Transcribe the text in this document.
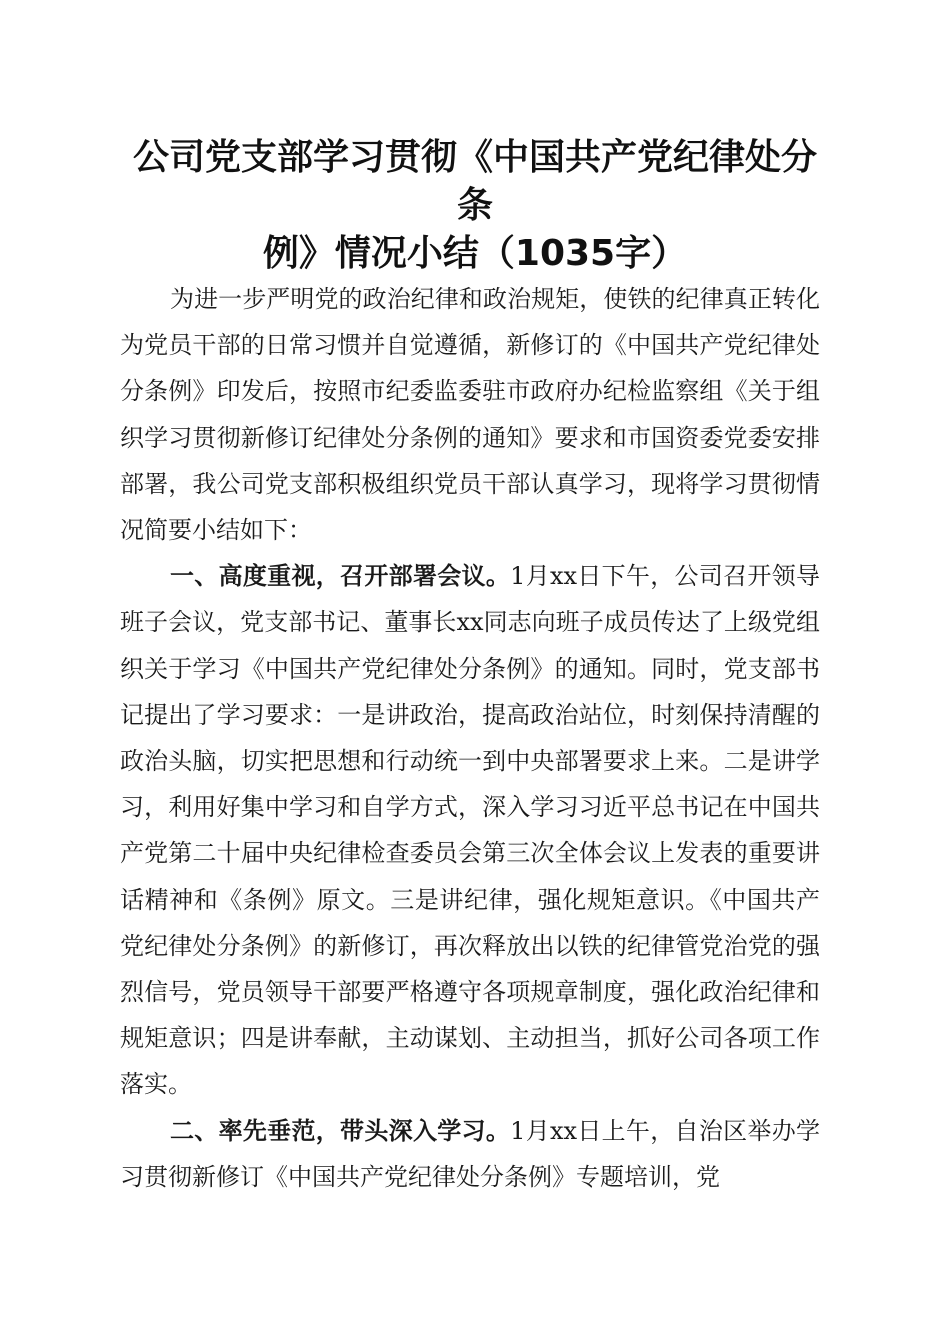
公司党支部学习贯彻《中国共产党纪律处分条
例》情况小结（1035字）

为进一步严明党的政治纪律和政治规矩，使铁的纪律真正转化为党员干部的日常习惯并自觉遵循，新修订的《中国共产党纪律处分条例》印发后，按照市纪委监委驻市政府办纪检监察组《关于组织学习贯彻新修订纪律处分条例的通知》要求和市国资委党委安排部署，我公司党支部积极组织党员干部认真学习，现将学习贯彻情况简要小结如下：

一、高度重视，召开部署会议。1月xx日下午，公司召开领导班子会议，党支部书记、董事长xx同志向班子成员传达了上级党组织关于学习《中国共产党纪律处分条例》的通知。同时，党支部书记提出了学习要求：一是讲政治，提高政治站位，时刻保持清醒的政治头脑，切实把思想和行动统一到中央部署要求上来。二是讲学习，利用好集中学习和自学方式，深入学习习近平总书记在中国共产党第二十届中央纪律检查委员会第三次全体会议上发表的重要讲话精神和《条例》原文。三是讲纪律，强化规矩意识。《中国共产党纪律处分条例》的新修订，再次释放出以铁的纪律管党治党的强烈信号，党员领导干部要严格遵守各项规章制度，强化政治纪律和规矩意识；四是讲奉献，主动谋划、主动担当，抓好公司各项工作落实。

二、率先垂范，带头深入学习。1月xx日上午，自治区举办学习贯彻新修订《中国共产党纪律处分条例》专题培训，党
